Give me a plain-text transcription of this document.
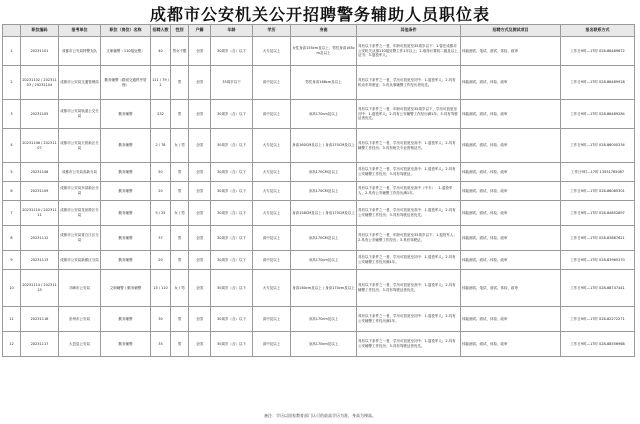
成都市公安机关公开招聘警务辅助人员职位表
	职位编码	报考单位	职位（岗位）名称	招聘人数	性别	户籍	年龄	学历	身高	其他条件	招聘方式及测试项目	报名联系方式
1	20231101	成都市公安局特警支队	文职辅警（110接处警）	40	男女不限	全国	30周岁（含）以下	大专及以上	女性身高155cm及以上；男性身高165cm及以上	具有以下条件之一者，年龄可放宽至35周岁以下：1.曾在成都市公安机关从事110接处警工作1年以上；2.取得计算机二级及以上证书；3.退役军人。	体能测试、笔试、面试、体检、政审	工作日9时—17时 028-86489672
2	20231102 / 20231103 / 20231104	成都市公安局交通管理局	勤务辅警（路面交通秩序管理）	111 / 79 / 2	男	全国	35周岁以下	高中及以上	男性身高168cm及以上	具有以下条件之一者，学历可放宽至初中：1.退役军人；2.具有机动车驾驶证；3.有从事辅警工作经历者优先。	体能测试、面试、体检、政审	工作日9时—17时 028-86489928
3	20231105	成都市公安局轨道公交分局	勤务辅警	232	男	全国	30周岁（含）以下	高中及以上	身高170cm及以上	具有以下条件之一者，年龄可放宽至35周岁以下，学历可放宽至初中：1.退役军人；2.具有公安辅警工作经历满1年；3.具有驾驶证者优先。	体能测试、面试、体检、政审	工作日9时—17时 028-86489284
4	20231106 / 20231107	成都市公安局天府新区分局	勤务辅警	2 / 78	女 / 男	全国	30周岁（含）以下	大专及以上	身高160CM及以上 / 身高170CM及以上	具有以下条件之一者，学历可放宽至高中：1.退役军人；2.具有辅警工作经历；3.具有相关专业资格证书。	体能测试、面试、体检、政审	工作日9时—17时 028-86000234
5	20231108	成都市公安局高新分局	勤务辅警	50	男	全国	30周岁（含）以下	大专及以上	身高170CM及以上	具有以下条件之一者，学历可放宽至高中：1.退役军人；2.具有公安辅警工作经历；3.具有驾驶证。	体能测试、面试、体检、政审	工作日9时—17时 13551765087
6	20231109	成都市公安局东部新区分局	勤务辅警	20	男	全国	30周岁（含）以下	大专及以上	身高170CM及以上	具有以下条件之一者，学历可放宽至高中（中专）：1.退役军人；2.具有公安辅警工作经历满1年。	体能测试、面试、体检、政审	工作日9时—17时 028-86085301
7	20231110 / 20231111	成都市公安局龙泉驿区分局	勤务辅警	5 / 25	女 / 男	全国	30周岁（含）以下	大专及以上	身高158CM及以上 / 身高170CM及以上	具有以下条件之一者，学历可放宽至高中：1.退役军人；2.具有公安辅警工作经历；3.具有驾驶证者优先。	体能测试、面试、体检、政审	工作日9时—17时 028-84852897
8	20231112	成都市公安局青白江区分局	勤务辅警	37	男	全国	30周岁（含）以下	高中及以上	身高170CM及以上	具有以下条件之一者，年龄可放宽至35周岁以下：1.退役军人；2.具有公安辅警工作经历；3.具有驾驶证。	体能测试、面试、体检、政审	工作日9时—17时 028-83687621
9	20231113	成都市公安局新都区分局	勤务辅警	20	男	全国	30周岁（含）以下	高中及以上	身高170cm及以上	具有以下条件之一者，学历可放宽至初中：1.退役军人；2.具有公安辅警工作经历满1年。	体能测试、面试、体检、政审	工作日9时—17时 028-83965370
10	20231114 / 20231115	邛崃市公安局	文职辅警 / 勤务辅警	15 / 110	女 / 男	全国	30周岁（含）以下	大专及以上	身高160cm及以上 / 身高170cm及以上	具有以下条件之一者，学历可放宽至高中：1.退役军人；2.具有辅警工作经历；3.具有驾驶证者优先。	体能测试、笔试、面试、体检、政审	工作日9时—17时 028-88747441
11	20231116	崇州市公安局	勤务辅警	30	男	全国	30周岁（含）以下	高中及以上	身高170cm及以上	具有以下条件之一者，学历可放宽至初中：1.退役军人；2.具有公安辅警工作经历满1年。	体能测试、面试、体检、政审	工作日9时—17时 028-82272271
12	20231117	大邑县公安局	勤务辅警	35	男	全国	30周岁（含）以下	高中及以上	身高170cm及以上	具有以下条件之一者，学历可放宽至初中：1.退役军人；2.具有公安辅警工作经历；3.具有驾驶证者优先。	体能测试、面试、体检、政审	工作日9时—17时 028-88556968
备注：学历以国家教育部门认可的最高学历为准，身高为裸高。
